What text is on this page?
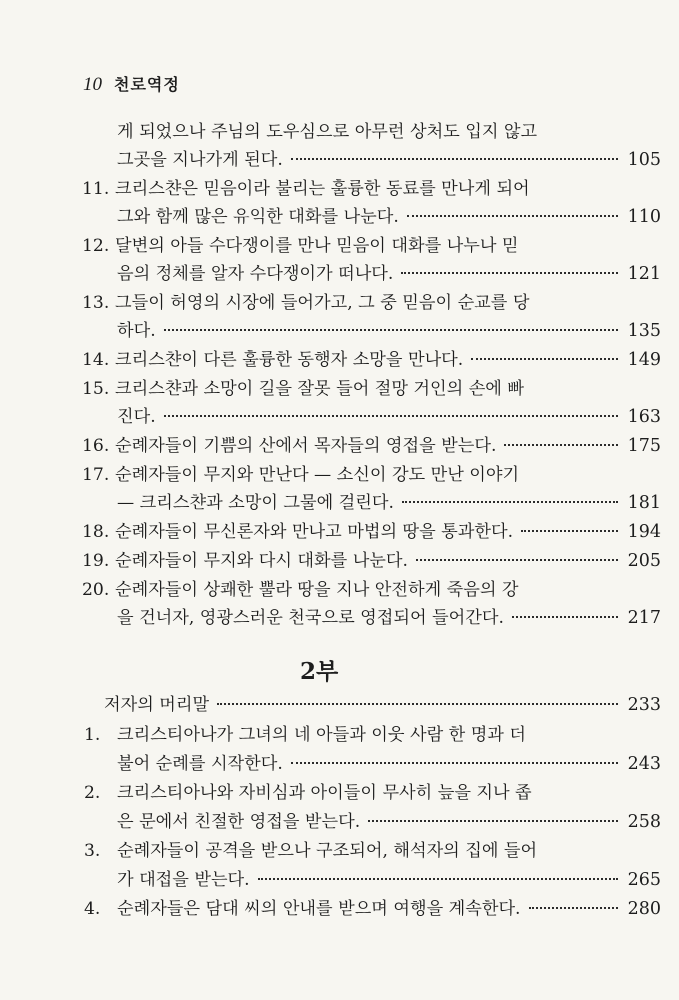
10 천로역정
게 되었으나 주님의 도우심으로 아무런 상처도 입지 않고
그곳을 지나가게 된다.	105
11. 크리스챤은 믿음이라 불리는 훌륭한 동료를 만나게 되어
그와 함께 많은 유익한 대화를 나눈다.	110
12. 달변의 아들 수다쟁이를 만나 믿음이 대화를 나누나 믿
음의 정체를 알자 수다쟁이가 떠나다.	121
13. 그들이 허영의 시장에 들어가고, 그 중 믿음이 순교를 당
하다.	135
14. 크리스챤이 다른 훌륭한 동행자 소망을 만나다.	149
15. 크리스챤과 소망이 길을 잘못 들어 절망 거인의 손에 빠
진다.	163
16. 순례자들이 기쁨의 산에서 목자들의 영접을 받는다.	175
17. 순례자들이 무지와 만난다 — 소신이 강도 만난 이야기
— 크리스챤과 소망이 그물에 걸린다.	181
18. 순례자들이 무신론자와 만나고 마법의 땅을 통과한다.	194
19. 순례자들이 무지와 다시 대화를 나눈다.	205
20. 순례자들이 상쾌한 뿔라 땅을 지나 안전하게 죽음의 강
을 건너자, 영광스러운 천국으로 영접되어 들어간다.	217
2부
저자의 머리말	233
1. 크리스티아나가 그녀의 네 아들과 이웃 사람 한 명과 더
불어 순례를 시작한다.	243
2. 크리스티아나와 자비심과 아이들이 무사히 늪을 지나 좁
은 문에서 친절한 영접을 받는다.	258
3. 순례자들이 공격을 받으나 구조되어, 해석자의 집에 들어
가 대접을 받는다.	265
4. 순례자들은 담대 씨의 안내를 받으며 여행을 계속한다.	280
